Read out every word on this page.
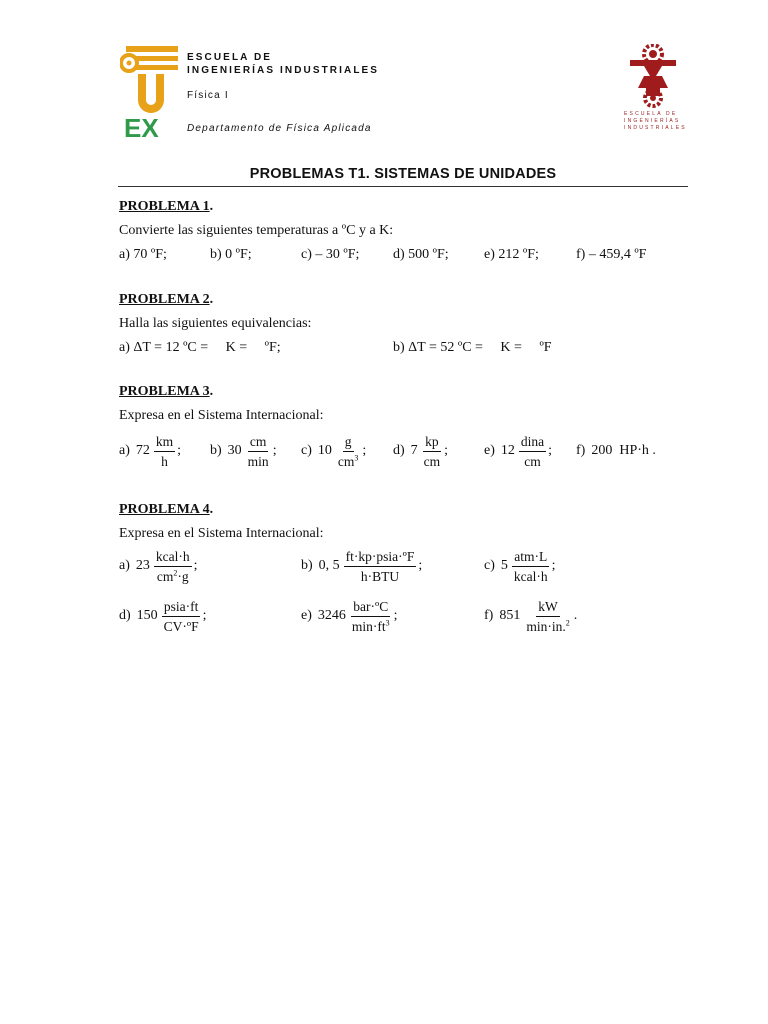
EX
ESCUELA DE
INGENIERÍAS INDUSTRIALES
Física I
Departamento de Física Aplicada
ESCUELA DE
INGENIERÍAS
INDUSTRIALES
PROBLEMAS T1. SISTEMAS DE UNIDADES
PROBLEMA 1.
Convierte las siguientes temperaturas a ºC y a K:
a) 70 ºF;	b) 0 ºF;	c) – 30 ºF; d) 500 ºF;	e) 212 ºF;	f) – 459,4 ºF
PROBLEMA 2.
Halla las siguientes equivalencias:
a) ΔT = 12 ºC =     K =     ºF;	b) ΔT = 52 ºC =     K =     ºF
PROBLEMA 3.
Expresa en el Sistema Internacional:
a) $72 \frac{km}{h}$ ; b) $30 \frac{cm}{\min}$ ; c) $10 \frac{g}{cm^3}$ ; d) $7 \frac{kp}{cm}$ ;	e) $12 \frac{\text{dina}}{cm}$ ; f) 200  HP·h .
PROBLEMA 4.
Expresa en el Sistema Internacional:
a) $23 \frac{\text{kcal·h}}{cm^2\cdot g}$ ;	b) 0, $5 \frac{\text{ft·kp·psia·ºF}}{\text{h·BTU}}$ ;	c) $5 \frac{\text{atm·L}}{\text{kcal·h}}$ ;
d) $150 \frac{\text{psia·ft}}{\text{CV·ºF}}$ ;	e) $3246 \frac{\text{bar·ºC}}{\min\cdot ft^3}$ ;	f) $851 \frac{kW}{\min\cdot in.^2}$ .
